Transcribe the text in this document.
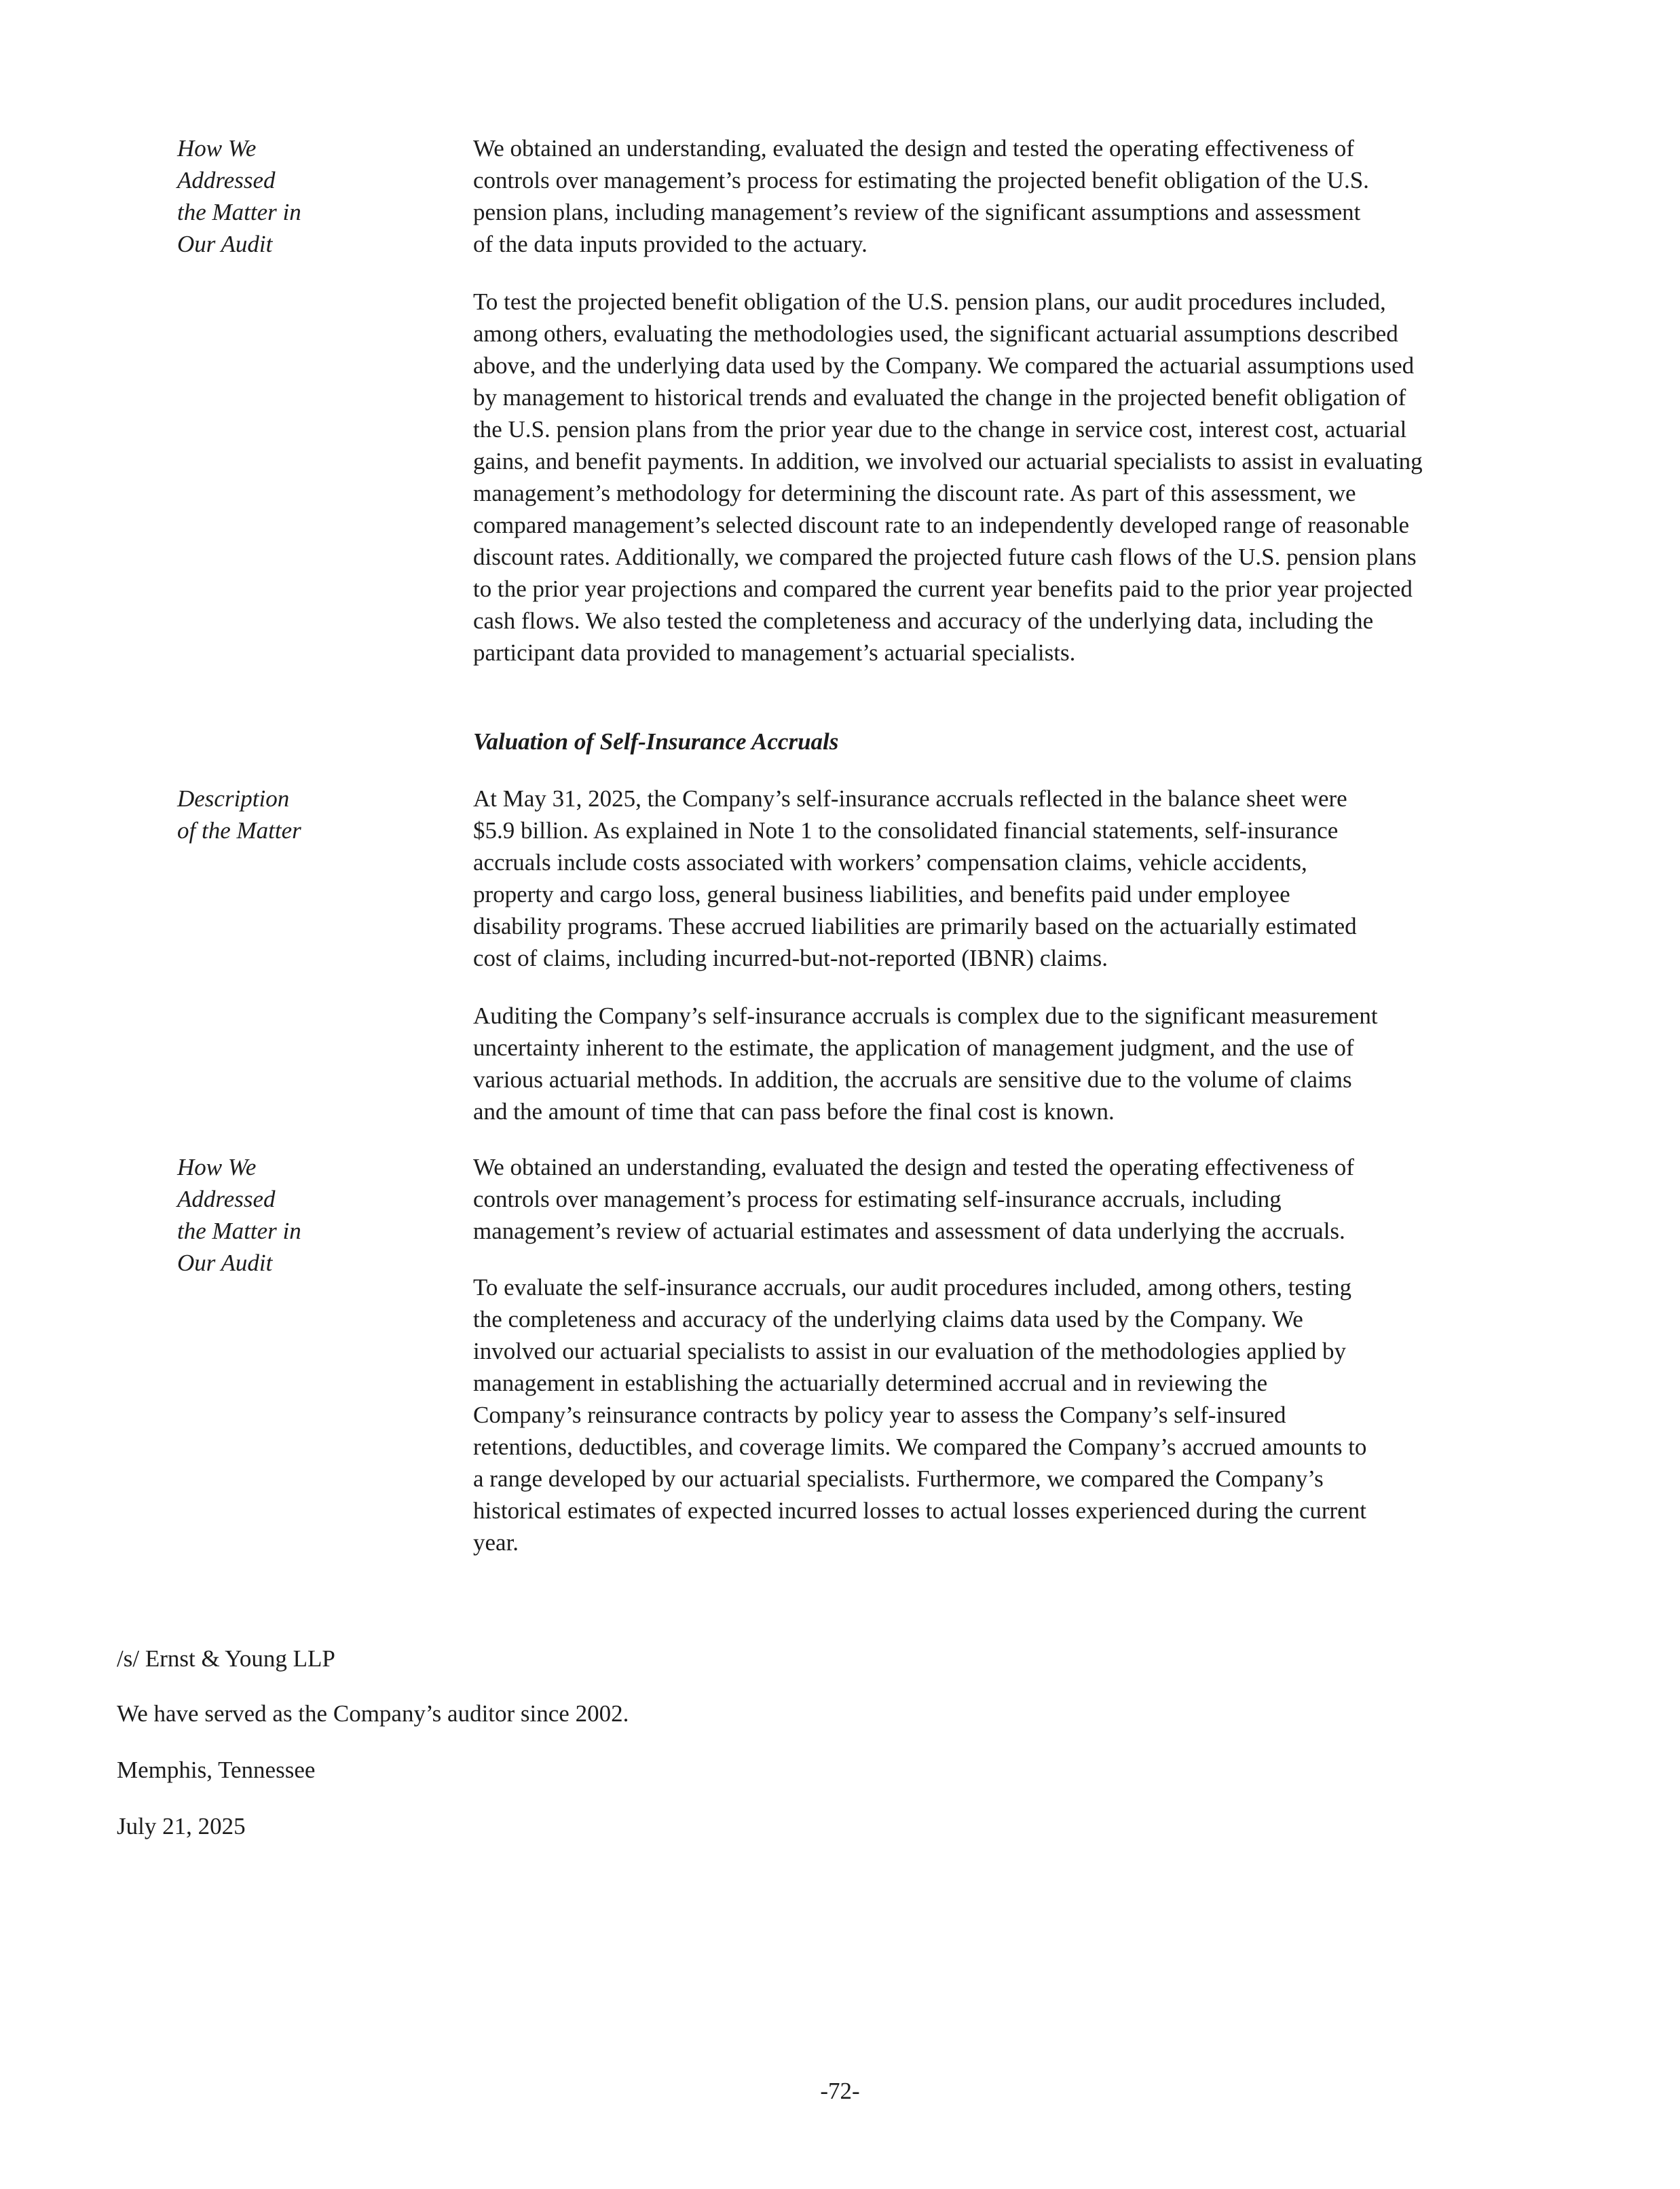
How We
Addressed
the Matter in
Our Audit
We obtained an understanding, evaluated the design and tested the operating effectiveness of
controls over management’s process for estimating the projected benefit obligation of the U.S.
pension plans, including management’s review of the significant assumptions and assessment
of the data inputs provided to the actuary.
To test the projected benefit obligation of the U.S. pension plans, our audit procedures included,
among others, evaluating the methodologies used, the significant actuarial assumptions described
above, and the underlying data used by the Company. We compared the actuarial assumptions used
by management to historical trends and evaluated the change in the projected benefit obligation of
the U.S. pension plans from the prior year due to the change in service cost, interest cost, actuarial
gains, and benefit payments. In addition, we involved our actuarial specialists to assist in evaluating
management’s methodology for determining the discount rate. As part of this assessment, we
compared management’s selected discount rate to an independently developed range of reasonable
discount rates. Additionally, we compared the projected future cash flows of the U.S. pension plans
to the prior year projections and compared the current year benefits paid to the prior year projected
cash flows. We also tested the completeness and accuracy of the underlying data, including the
participant data provided to management’s actuarial specialists.
Valuation of Self-Insurance Accruals
Description
of the Matter
At May 31, 2025, the Company’s self-insurance accruals reflected in the balance sheet were
$5.9 billion. As explained in Note 1 to the consolidated financial statements, self-insurance
accruals include costs associated with workers’ compensation claims, vehicle accidents,
property and cargo loss, general business liabilities, and benefits paid under employee
disability programs. These accrued liabilities are primarily based on the actuarially estimated
cost of claims, including incurred-but-not-reported (IBNR) claims.
Auditing the Company’s self-insurance accruals is complex due to the significant measurement
uncertainty inherent to the estimate, the application of management judgment, and the use of
various actuarial methods. In addition, the accruals are sensitive due to the volume of claims
and the amount of time that can pass before the final cost is known.
How We
Addressed
the Matter in
Our Audit
We obtained an understanding, evaluated the design and tested the operating effectiveness of
controls over management’s process for estimating self-insurance accruals, including
management’s review of actuarial estimates and assessment of data underlying the accruals.
To evaluate the self-insurance accruals, our audit procedures included, among others, testing
the completeness and accuracy of the underlying claims data used by the Company. We
involved our actuarial specialists to assist in our evaluation of the methodologies applied by
management in establishing the actuarially determined accrual and in reviewing the
Company’s reinsurance contracts by policy year to assess the Company’s self-insured
retentions, deductibles, and coverage limits. We compared the Company’s accrued amounts to
a range developed by our actuarial specialists. Furthermore, we compared the Company’s
historical estimates of expected incurred losses to actual losses experienced during the current
year.
/s/ Ernst & Young LLP
We have served as the Company’s auditor since 2002.
Memphis, Tennessee
July 21, 2025
-72-
